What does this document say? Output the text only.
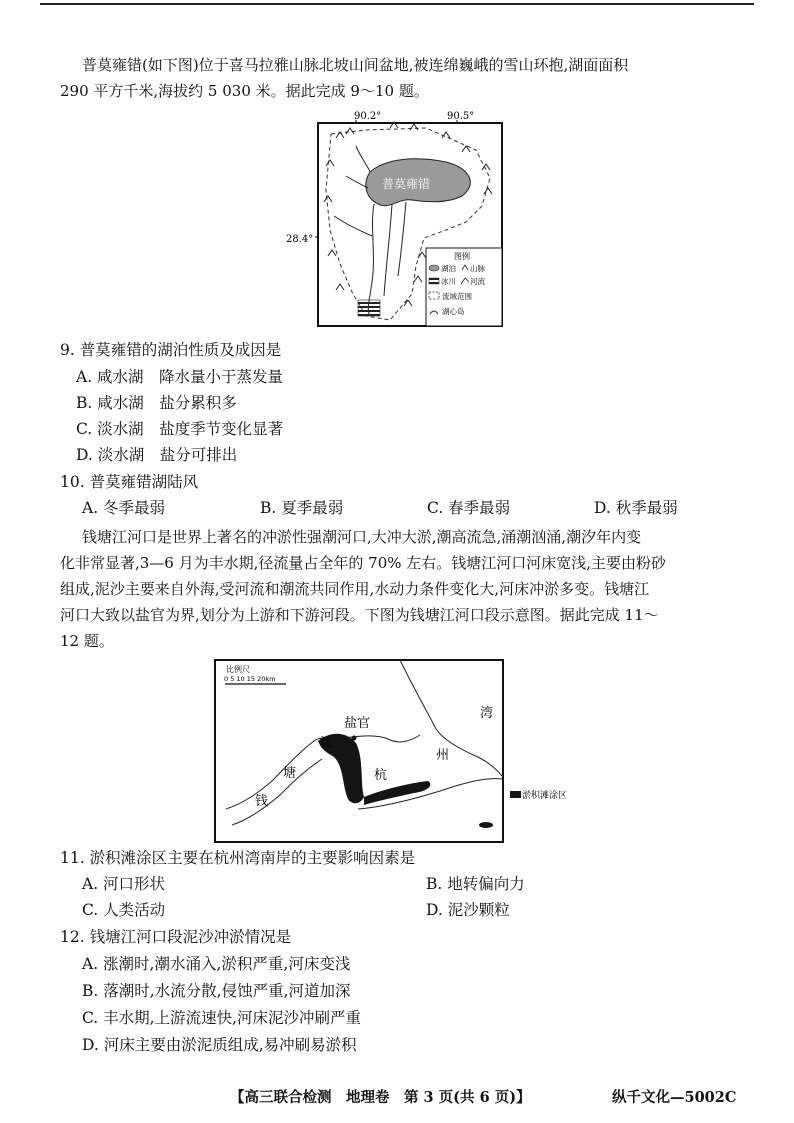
普莫雍错(如下图)位于喜马拉雅山脉北坡山间盆地,被连绵巍峨的雪山环抱,湖面面积
290 平方千米,海拔约 5 030 米。据此完成 9～10 题。
90.2°	90.5°
28.4°
普莫雍错
图例
湖泊 山脉
冰川 河流
流域范围
湖心岛
9. 普莫雍错的湖泊性质及成因是
A. 咸水湖　降水量小于蒸发量
B. 咸水湖　盐分累积多
C. 淡水湖　盐度季节变化显著
D. 淡水湖　盐分可排出
10. 普莫雍错湖陆风
A. 冬季最弱	B. 夏季最弱	C. 春季最弱	D. 秋季最弱
钱塘江河口是世界上著名的冲淤性强潮河口,大冲大淤,潮高流急,涌潮汹涌,潮汐年内变
化非常显著,3—6 月为丰水期,径流量占全年的 70% 左右。钱塘江河口河床宽浅,主要由粉砂
组成,泥沙主要来自外海,受河流和潮流共同作用,水动力条件变化大,河床冲淤多变。钱塘江
河口大致以盐官为界,划分为上游和下游河段。下图为钱塘江河口段示意图。据此完成 11～
12 题。
比例尺
0 5 10 15 20km
盐官
钱
塘
江
杭
州
湾
淤积滩涂区
11. 淤积滩涂区主要在杭州湾南岸的主要影响因素是
A. 河口形状	B. 地转偏向力
C. 人类活动	D. 泥沙颗粒
12. 钱塘江河口段泥沙冲淤情况是
A. 涨潮时,潮水涌入,淤积严重,河床变浅
B. 落潮时,水流分散,侵蚀严重,河道加深
C. 丰水期,上游流速快,河床泥沙冲刷严重
D. 河床主要由淤泥质组成,易冲刷易淤积
【高三联合检测　地理卷　第 3 页(共 6 页)】	纵千文化—5002C
